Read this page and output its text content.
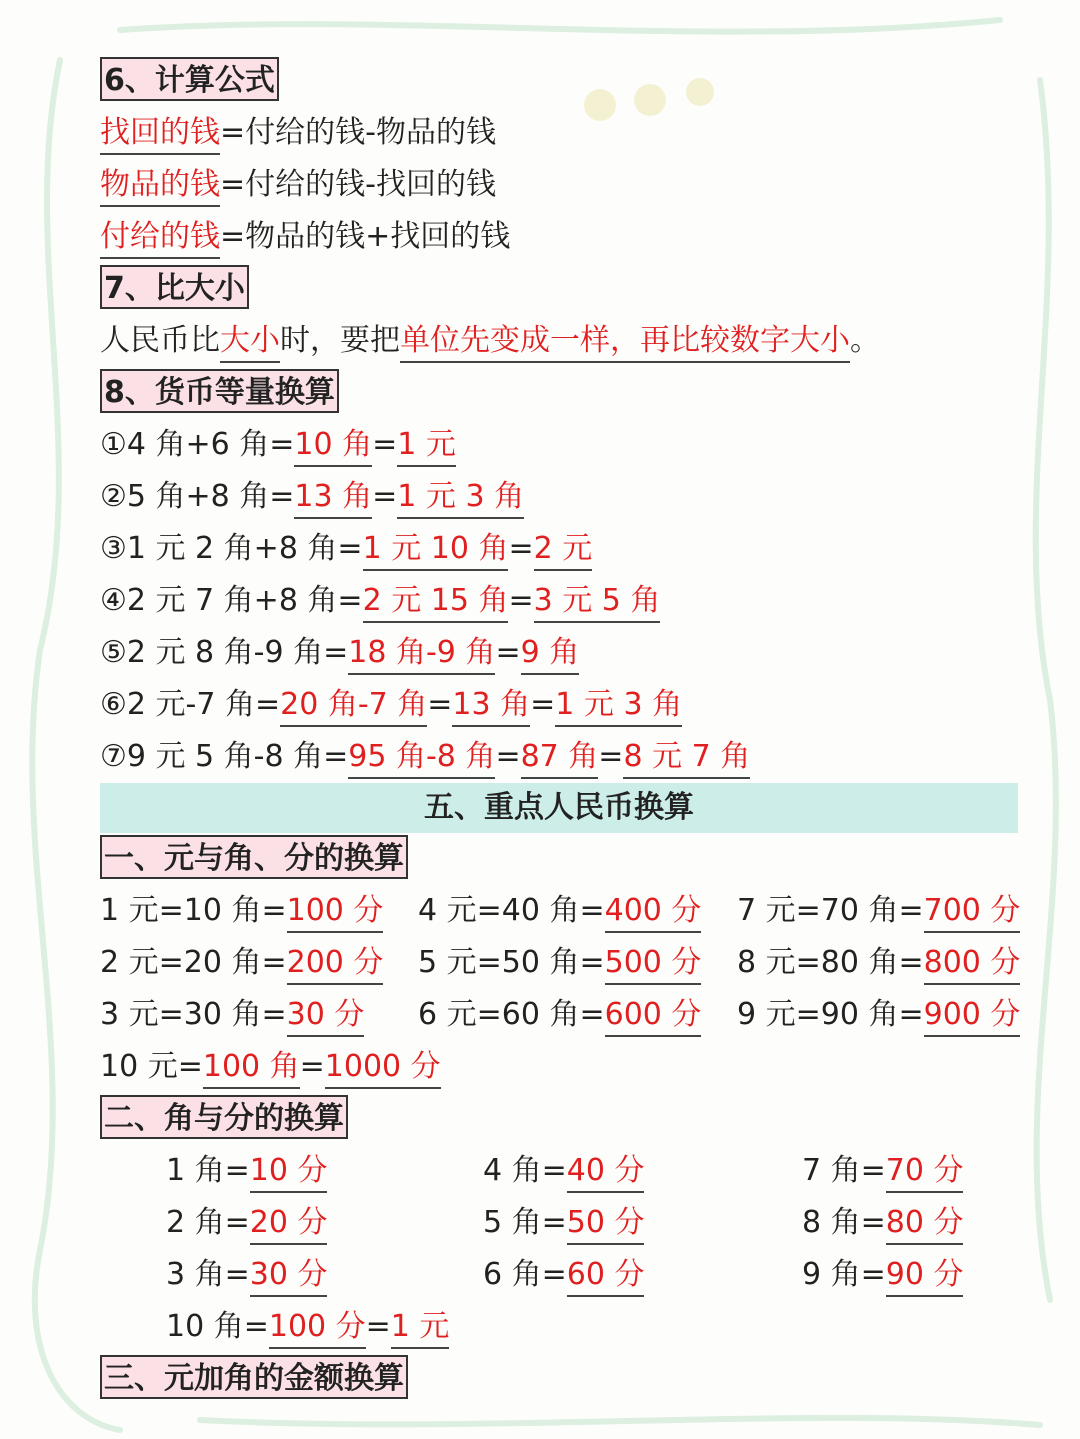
6、计算公式
找回的钱=付给的钱-物品的钱
物品的钱=付给的钱-找回的钱
付给的钱=物品的钱+找回的钱
7、比大小
人民币比大小时，要把单位先变成一样，再比较数字大小。
8、货币等量换算
①4 角+6 角=10 角=1 元
②5 角+8 角=13 角=1 元 3 角
③1 元 2 角+8 角=1 元 10 角=2 元
④2 元 7 角+8 角=2 元 15 角=3 元 5 角
⑤2 元 8 角-9 角=18 角-9 角=9 角
⑥2 元-7 角=20 角-7 角=13 角=1 元 3 角
⑦9 元 5 角-8 角=95 角-8 角=87 角=8 元 7 角
五、重点人民币换算
一、元与角、分的换算
1 元=10 角=100 分 4 元=40 角=400 分 7 元=70 角=700 分
2 元=20 角=200 分 5 元=50 角=500 分 8 元=80 角=800 分
3 元=30 角=30 分 6 元=60 角=600 分 9 元=90 角=900 分
10 元=100 角=1000 分
二、角与分的换算
1 角=10 分	4 角=40 分	7 角=70 分
2 角=20 分	5 角=50 分	8 角=80 分
3 角=30 分	6 角=60 分	9 角=90 分
10 角=100 分=1 元
三、元加角的金额换算
